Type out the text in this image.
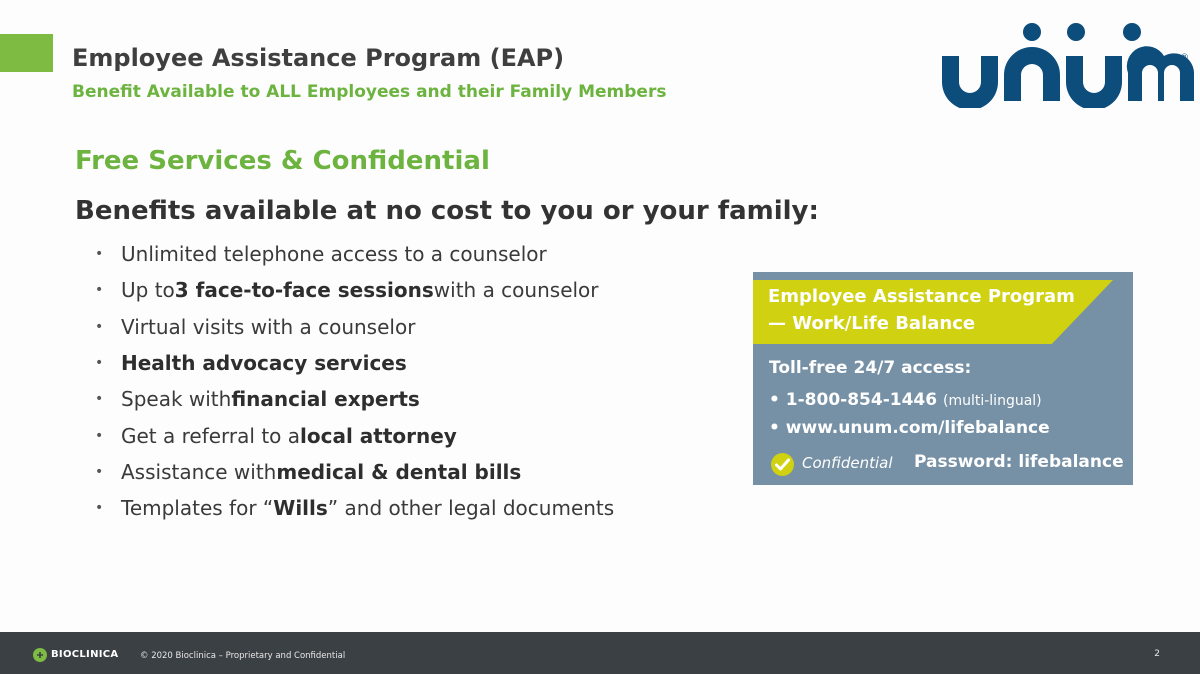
Employee Assistance Program (EAP)
Benefit Available to ALL Employees and their Family Members
®
Free Services & Confidential
Benefits available at no cost to you or your family:
• Unlimited telephone access to a counselor
• Up to 3 face-to-face sessions with a counselor
• Virtual visits with a counselor
• Health advocacy services
• Speak with financial experts
• Get a referral to a local attorney
• Assistance with medical & dental bills
• Templates for “ Wills ” and other legal documents
Employee Assistance Program
— Work/Life Balance
Toll-free 24/7 access:
• 1-800-854-1446 (multi-lingual)
• www.unum.com/lifebalance
Confidential Password: lifebalance
BIOCLINICA	© 2020 Bioclinica – Proprietary and Confidential	2
